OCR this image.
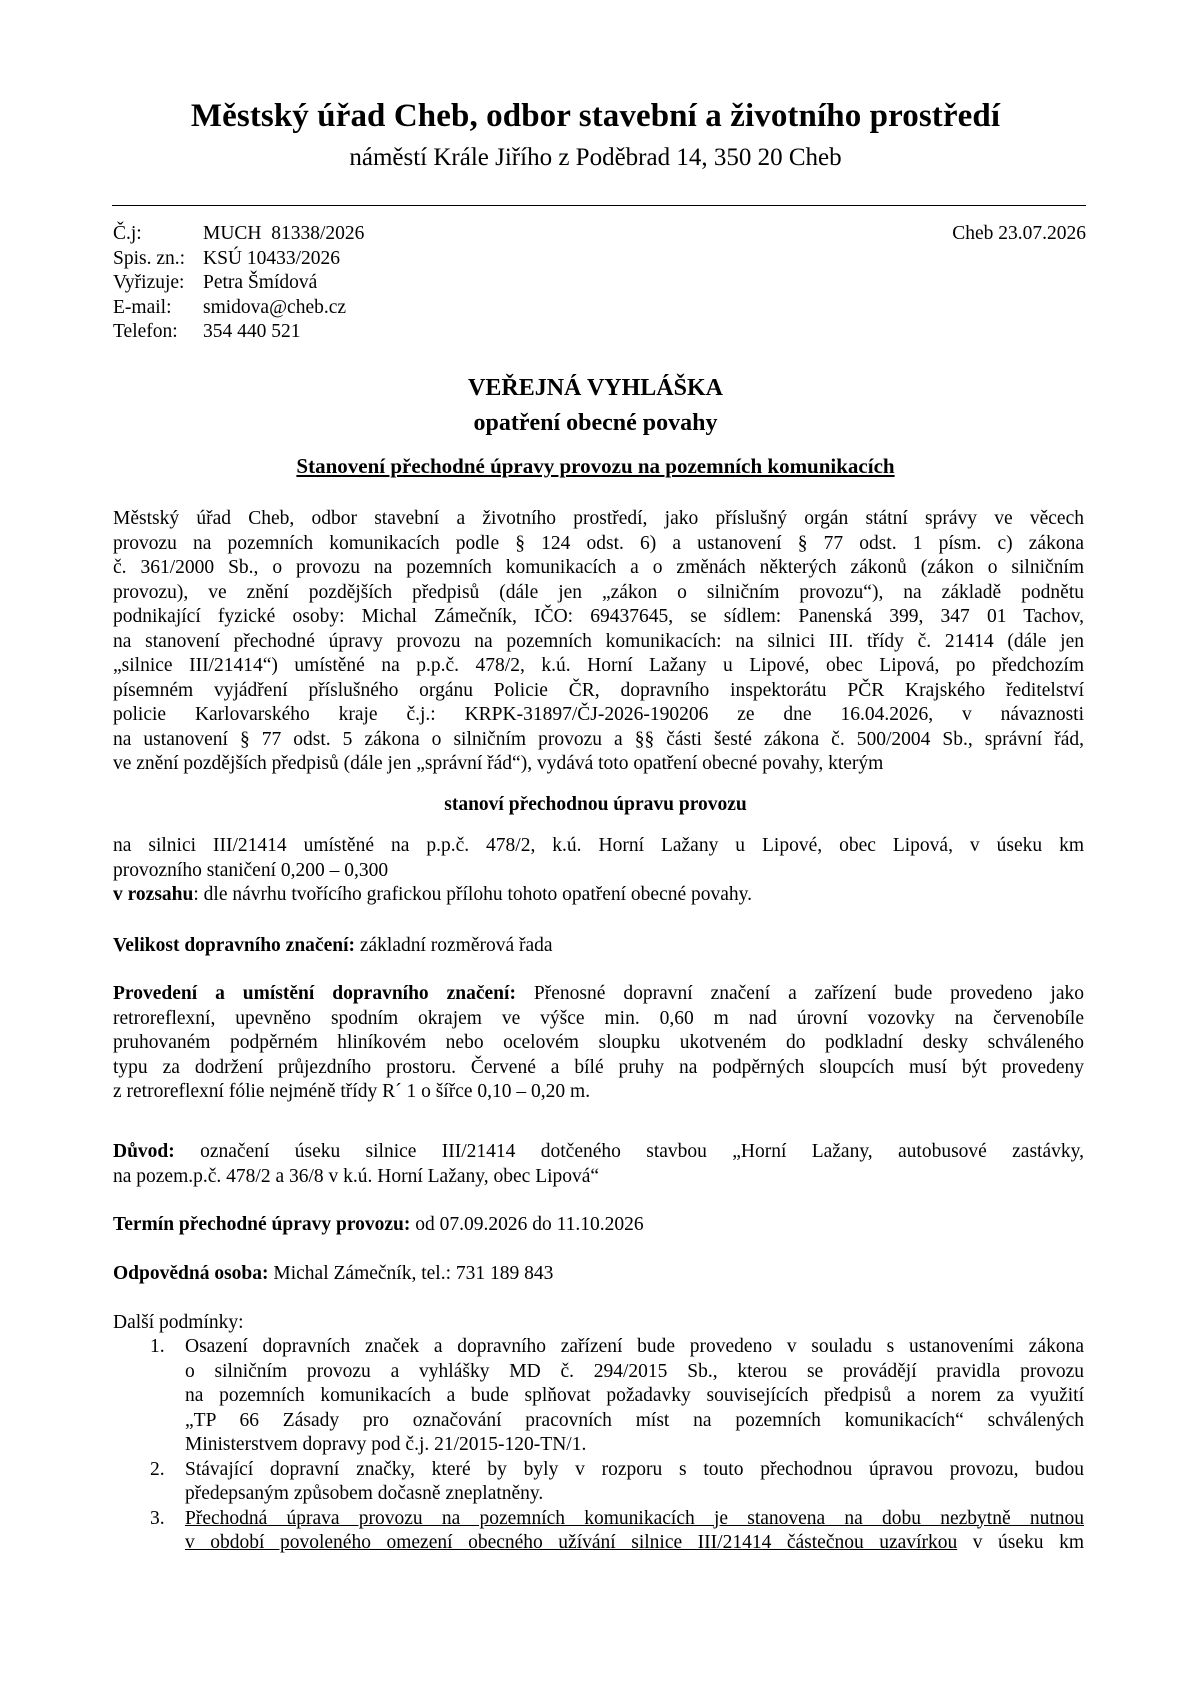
Městský úřad Cheb, odbor stavební a životního prostředí
náměstí Krále Jiřího z Poděbrad 14, 350 20 Cheb
Č.j:	MUCH  81338/2026
Spis. zn.: KSÚ 10433/2026
Vyřizuje: Petra Šmídová
E-mail:	smidova@cheb.cz
Telefon:	354 440 521
Cheb 23.07.2026
VEŘEJNÁ VYHLÁŠKA
opatření obecné povahy
Stanovení přechodné úpravy provozu na pozemních komunikacích
Městský úřad Cheb, odbor stavební a životního prostředí, jako příslušný orgán státní správy ve věcech
provozu na pozemních komunikacích podle § 124 odst. 6) a ustanovení § 77 odst. 1 písm. c) zákona
č. 361/2000 Sb., o provozu na pozemních komunikacích a o změnách některých zákonů (zákon o silničním
provozu), ve znění pozdějších předpisů (dále jen „zákon o silničním provozu“), na základě podnětu
podnikající fyzické osoby: Michal Zámečník, IČO: 69437645, se sídlem: Panenská 399, 347 01 Tachov,
na stanovení přechodné úpravy provozu na pozemních komunikacích: na silnici III. třídy č. 21414 (dále jen
„silnice III/21414“) umístěné na p.p.č. 478/2, k.ú. Horní Lažany u Lipové, obec Lipová, po předchozím
písemném vyjádření příslušného orgánu Policie ČR, dopravního inspektorátu PČR Krajského ředitelství
policie Karlovarského kraje č.j.: KRPK-31897/ČJ-2026-190206 ze dne 16.04.2026, v návaznosti
na ustanovení § 77 odst. 5 zákona o silničním provozu a §§ části šesté zákona č. 500/2004 Sb., správní řád,
ve znění pozdějších předpisů (dále jen „správní řád“), vydává toto opatření obecné povahy, kterým
stanoví přechodnou úpravu provozu
na silnici III/21414 umístěné na p.p.č. 478/2, k.ú. Horní Lažany u Lipové, obec Lipová, v úseku km
provozního staničení 0,200 – 0,300
v rozsahu: dle návrhu tvořícího grafickou přílohu tohoto opatření obecné povahy.
Velikost dopravního značení: základní rozměrová řada
Provedení a umístění dopravního značení: Přenosné dopravní značení a zařízení bude provedeno jako
retroreflexní, upevněno spodním okrajem ve výšce min. 0,60 m nad úrovní vozovky na červenobíle
pruhovaném podpěrném hliníkovém nebo ocelovém sloupku ukotveném do podkladní desky schváleného
typu za dodržení průjezdního prostoru. Červené a bílé pruhy na podpěrných sloupcích musí být provedeny
z retroreflexní fólie nejméně třídy R´ 1 o šířce 0,10 – 0,20 m.
Důvod: označení úseku silnice III/21414 dotčeného stavbou „Horní Lažany, autobusové zastávky,
na pozem.p.č. 478/2 a 36/8 v k.ú. Horní Lažany, obec Lipová“
Termín přechodné úpravy provozu: od 07.09.2026 do 11.10.2026
Odpovědná osoba: Michal Zámečník, tel.: 731 189 843
Další podmínky:
1. Osazení dopravních značek a dopravního zařízení bude provedeno v souladu s ustanoveními zákona
o silničním provozu a vyhlášky MD č. 294/2015 Sb., kterou se provádějí pravidla provozu
na pozemních komunikacích a bude splňovat požadavky souvisejících předpisů a norem za využití
„TP 66 Zásady pro označování pracovních míst na pozemních komunikacích“ schválených
Ministerstvem dopravy pod č.j. 21/2015-120-TN/1.
2. Stávající dopravní značky, které by byly v rozporu s touto přechodnou úpravou provozu, budou
předepsaným způsobem dočasně zneplatněny.
3. Přechodná úprava provozu na pozemních komunikacích je stanovena na dobu nezbytně nutnou
v období povoleného omezení obecného užívání silnice III/21414 částečnou uzavírkou v úseku km
